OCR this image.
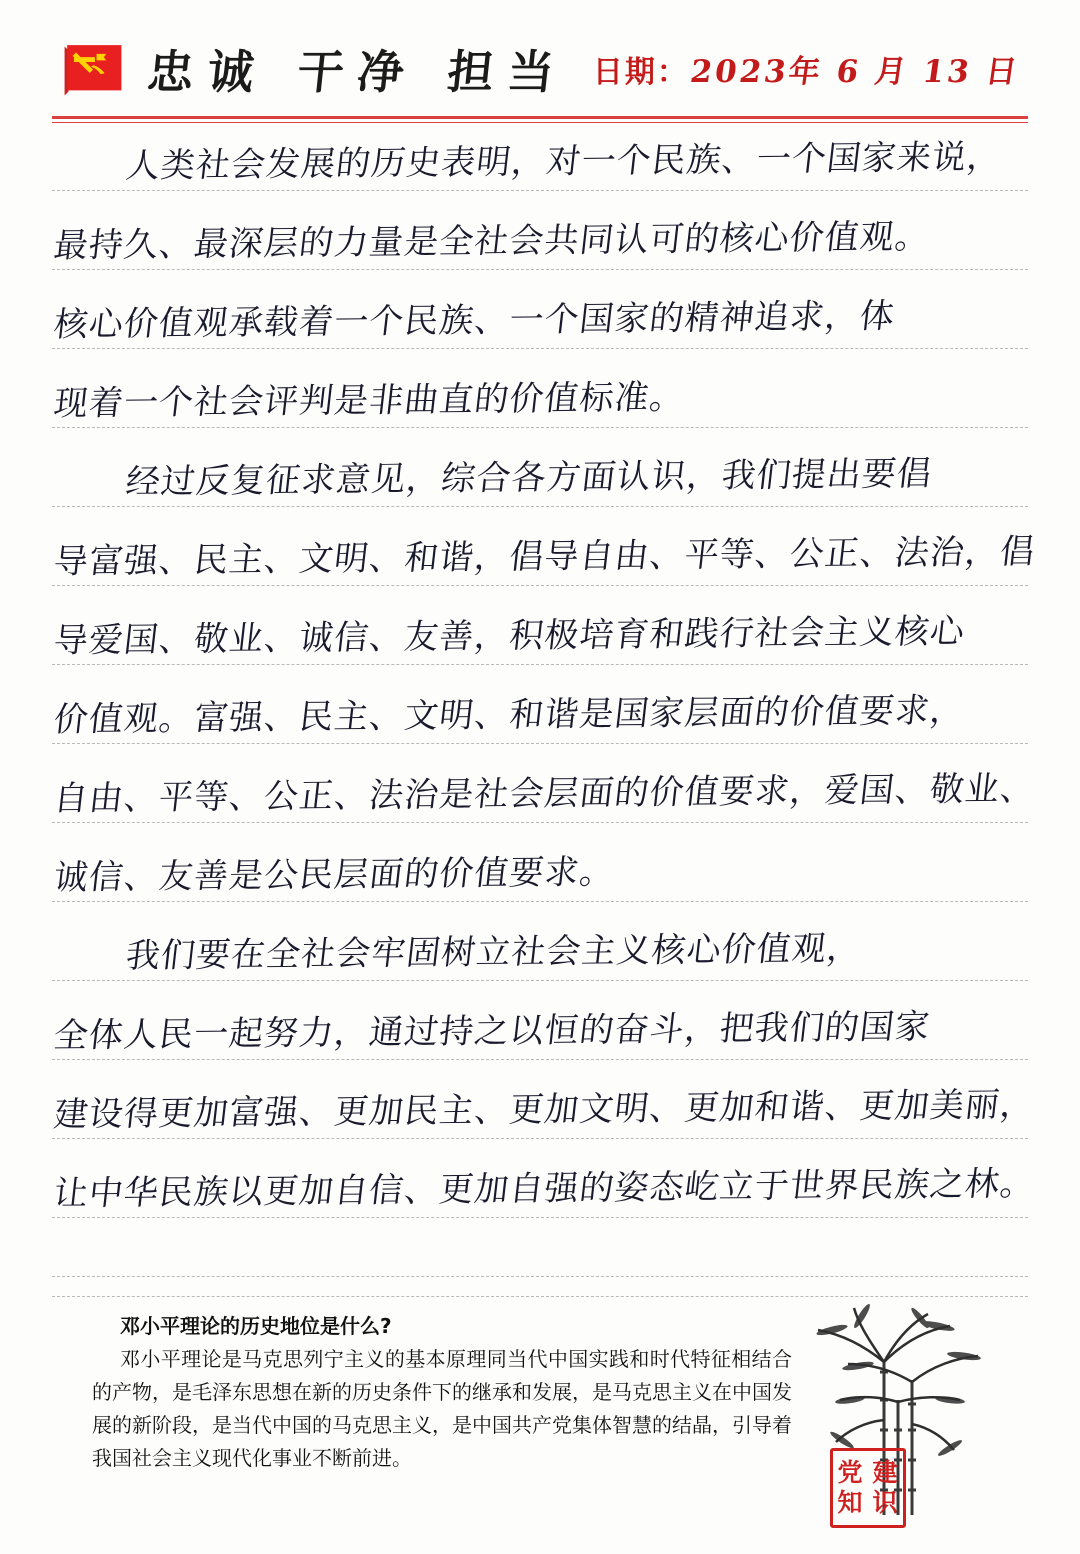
忠诚 干净 担当 日期：
2023年 6 月 13 日
人类社会发展的历史表明，对一个民族、一个国家来说，
最持久、最深层的力量是全社会共同认可的核心价值观。
核心价值观承载着一个民族、一个国家的精神追求，体
现着一个社会评判是非曲直的价值标准。
经过反复征求意见，综合各方面认识，我们提出要倡
导富强、民主、文明、和谐，倡导自由、平等、公正、法治，倡
导爱国、敬业、诚信、友善，积极培育和践行社会主义核心
价值观。富强、民主、文明、和谐是国家层面的价值要求，
自由、平等、公正、法治是社会层面的价值要求，爱国、敬业、
诚信、友善是公民层面的价值要求。
我们要在全社会牢固树立社会主义核心价值观，
全体人民一起努力，通过持之以恒的奋斗，把我们的国家
建设得更加富强、更加民主、更加文明、更加和谐、更加美丽，
让中华民族以更加自信、更加自强的姿态屹立于世界民族之林。

邓小平理论的历史地位是什么?

邓小平理论是马克思列宁主义的基本原理同当代中国实践和时代特征相结合的产物，是毛泽东思想在新的历史条件下的继承和发展，是马克思主义在中国发展的新阶段，是当代中国的马克思主义，是中国共产党集体智慧的结晶，引导着我国社会主义现代化事业不断前进。	党 建
知 识
